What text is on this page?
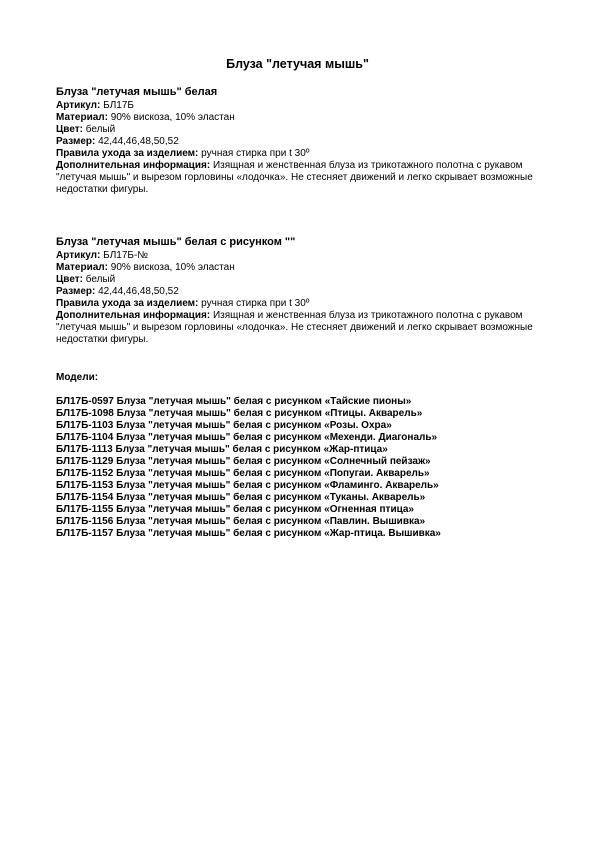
Блуза "летучая мышь"

Блуза "летучая мышь" белая

Артикул: БЛ17Б

Материал: 90% вискоза, 10% эластан

Цвет: белый

Размер: 42,44,46,48,50,52

Правила ухода за изделием: ручная стирка при t 30º

Дополнительная информация: Изящная и женственная блуза из трикотажного полотна с рукавом "летучая мышь" и вырезом горловины «лодочка». Не стесняет движений и легко скрывает возможные недостатки фигуры.

Блуза "летучая мышь" белая с рисунком ""

Артикул: БЛ17Б-№

Материал: 90% вискоза, 10% эластан

Цвет: белый

Размер: 42,44,46,48,50,52

Правила ухода за изделием: ручная стирка при t 30º

Дополнительная информация: Изящная и женственная блуза из трикотажного полотна с рукавом "летучая мышь" и вырезом горловины «лодочка». Не стесняет движений и легко скрывает возможные недостатки фигуры.

Модели:
БЛ17Б-0597 Блуза "летучая мышь" белая с рисунком «Тайские пионы»
БЛ17Б-1098 Блуза "летучая мышь" белая с рисунком «Птицы. Акварель»
БЛ17Б-1103 Блуза "летучая мышь" белая с рисунком «Розы. Охра»
БЛ17Б-1104 Блуза "летучая мышь" белая с рисунком «Мехенди. Диагональ»
БЛ17Б-1113 Блуза "летучая мышь" белая с рисунком «Жар-птица»
БЛ17Б-1129 Блуза "летучая мышь" белая с рисунком «Солнечный пейзаж»
БЛ17Б-1152 Блуза "летучая мышь" белая с рисунком «Попугаи. Акварель»
БЛ17Б-1153 Блуза "летучая мышь" белая с рисунком «Фламинго. Акварель»
БЛ17Б-1154 Блуза "летучая мышь" белая с рисунком «Туканы. Акварель»
БЛ17Б-1155 Блуза "летучая мышь" белая с рисунком «Огненная птица»
БЛ17Б-1156 Блуза "летучая мышь" белая с рисунком «Павлин. Вышивка»
БЛ17Б-1157 Блуза "летучая мышь" белая с рисунком «Жар-птица. Вышивка»
